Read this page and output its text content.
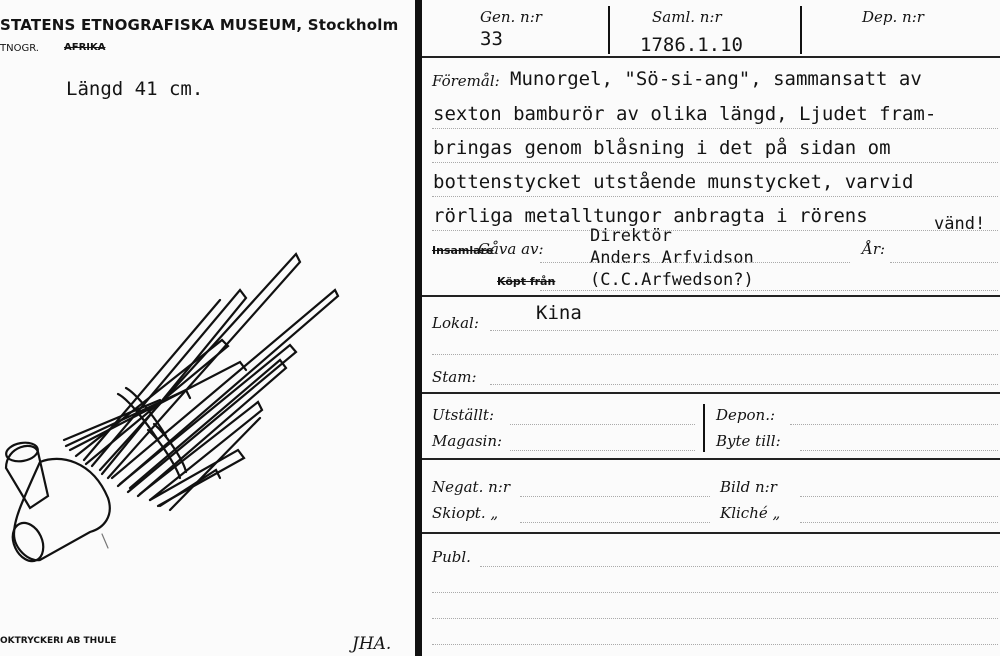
STATENS ETNOGRAFISKA MUSEUM, Stockholm
TNOGR.	AFRIKA
Längd 41 cm.
OKTRYCKERI AB THULE	JHA.
Gen. n:r
33
Saml. n:r
1786.1.10
Dep. n:r
Föremål: Munorgel, "Sö-si-ang", sammansatt av
sexton bamburör av olika längd, Ljudet fram-
bringas genom blåsning i det på sidan om
bottenstycket utstående munstycket, varvid
rörliga metalltungor anbragta i rörens	vänd!
Insamlare
Gåva av:
Direktör
Anders Arfvidson
Köpt från (C.C.Arfwedson?)
År:
Lokal:	Kina
Stam:
Utställt:
Magasin:
Depon.:
Byte till:
Negat. n:r
Skiopt. „
Bild n:r
Kliché „
Publ.
